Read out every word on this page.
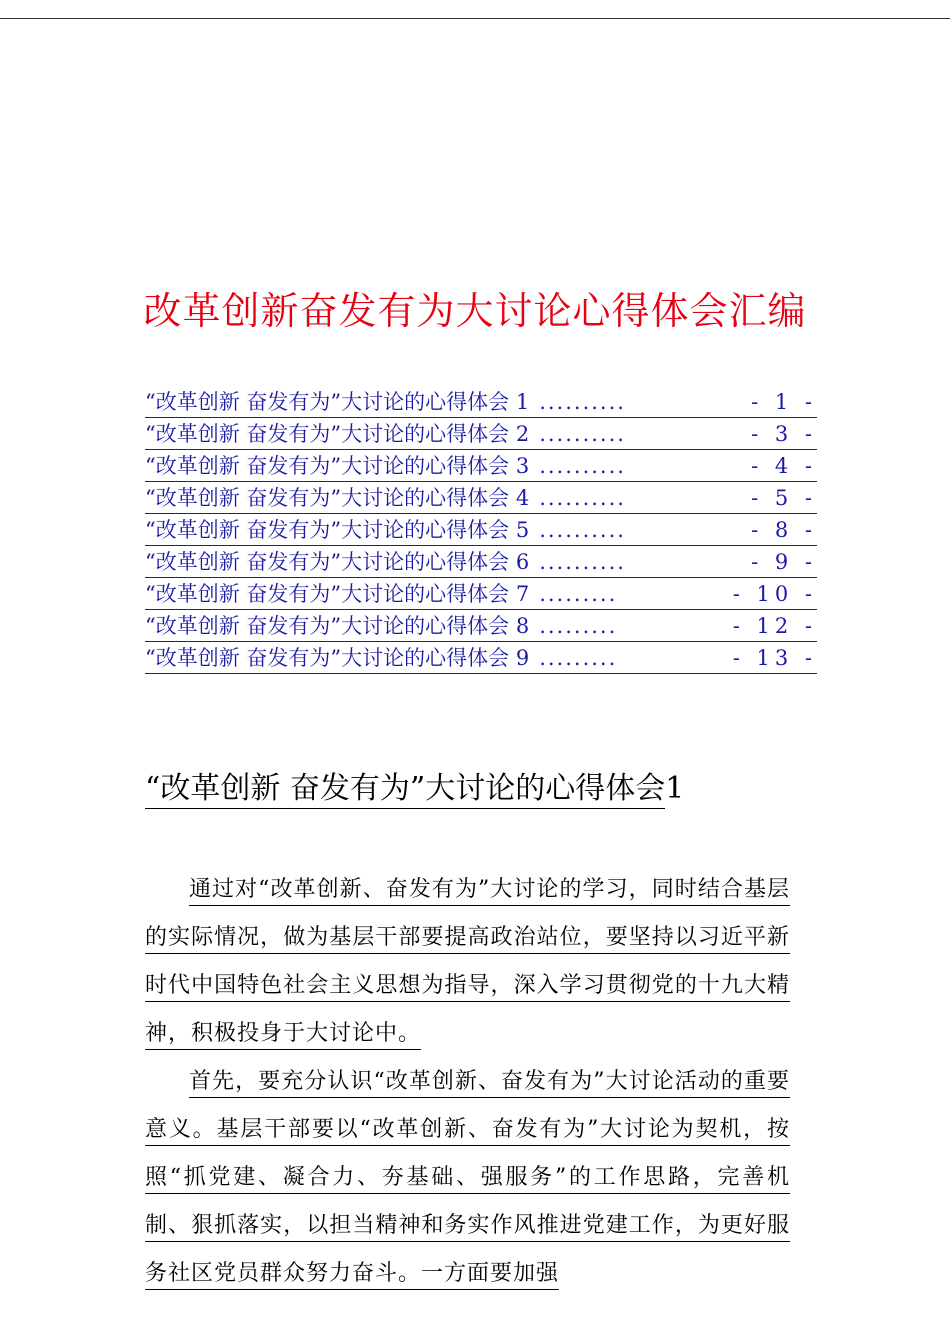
改革创新奋发有为大讨论心得体会汇编
“改革创新 奋发有为”大讨论的心得体会 1 ..........	- 1 -
“改革创新 奋发有为”大讨论的心得体会 2 ..........	- 3 -
“改革创新 奋发有为”大讨论的心得体会 3 ..........	- 4 -
“改革创新 奋发有为”大讨论的心得体会 4 ..........	- 5 -
“改革创新 奋发有为”大讨论的心得体会 5 ..........	- 8 -
“改革创新 奋发有为”大讨论的心得体会 6 ..........	- 9 -
“改革创新 奋发有为”大讨论的心得体会 7 .........	- 10 -
“改革创新 奋发有为”大讨论的心得体会 8 .........	- 12 -
“改革创新 奋发有为”大讨论的心得体会 9 .........	- 13 -
“改革创新 奋发有为”大讨论的心得体会1

通过对“改革创新、奋发有为”大讨论的学习，同时结合基层的实际情况，做为基层干部要提高政治站位，要坚持以习近平新时代中国特色社会主义思想为指导，深入学习贯彻党的十九大精神，积极投身于大讨论中。

首先，要充分认识“改革创新、奋发有为”大讨论活动的重要意义。基层干部要以“改革创新、奋发有为”大讨论为契机，按照“抓党建、凝合力、夯基础、强服务”的工作思路，完善机制、狠抓落实，以担当精神和务实作风推进党建工作，为更好服务社区党员群众努力奋斗。一方面要加强
